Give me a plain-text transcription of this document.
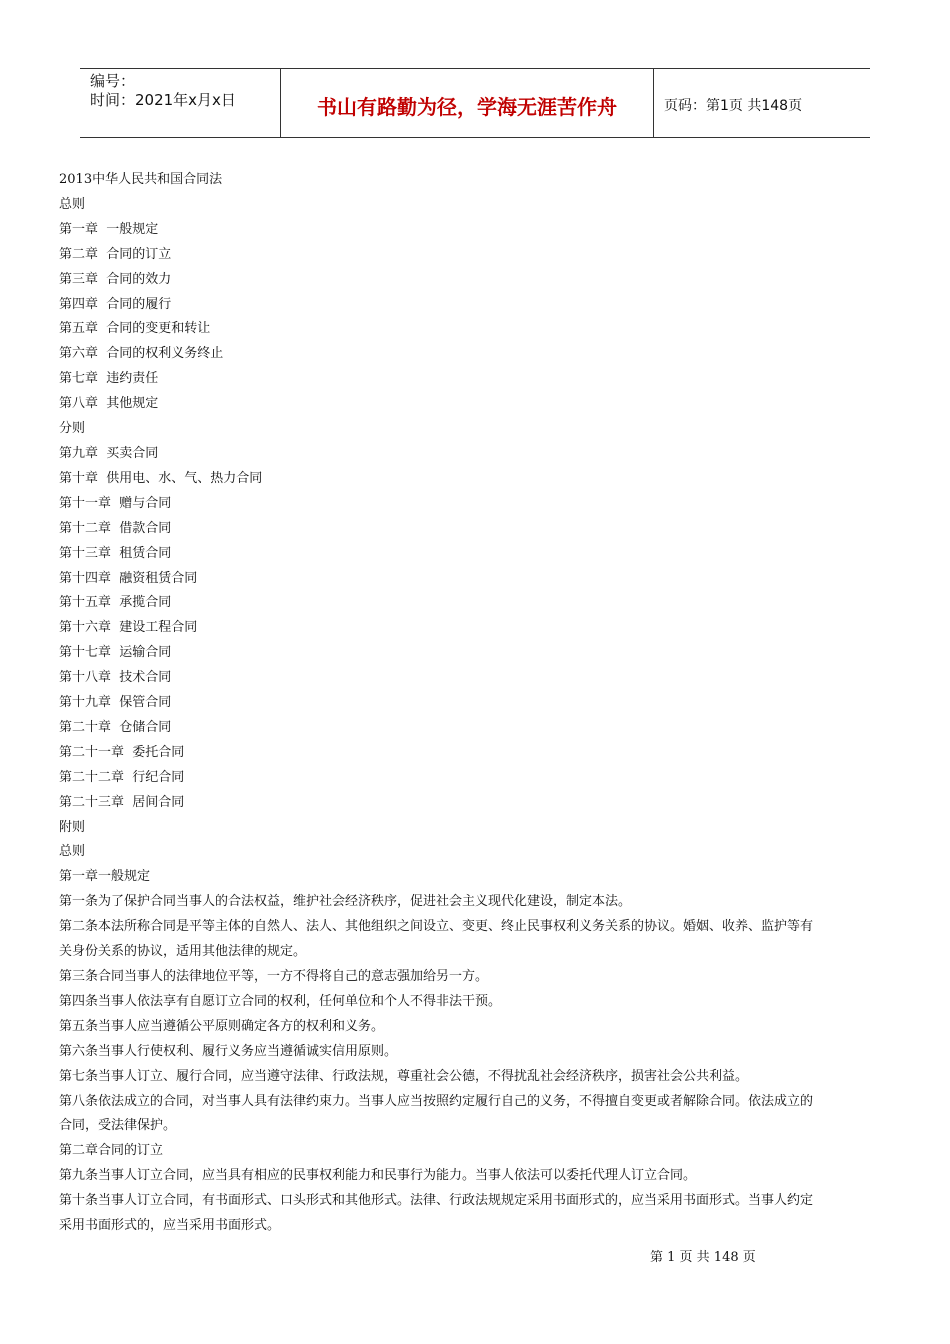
编号：
时间：2021年x月x日	书山有路勤为径，学海无涯苦作舟	页码：第1页 共148页
2013中华人民共和国合同法
总则
第一章  一般规定
第二章  合同的订立
第三章  合同的效力
第四章  合同的履行
第五章  合同的变更和转让
第六章  合同的权利义务终止
第七章  违约责任
第八章  其他规定
分则
第九章  买卖合同
第十章  供用电、水、气、热力合同
第十一章  赠与合同
第十二章  借款合同
第十三章  租赁合同
第十四章  融资租赁合同
第十五章  承揽合同
第十六章  建设工程合同
第十七章  运输合同
第十八章  技术合同
第十九章  保管合同
第二十章  仓储合同
第二十一章  委托合同
第二十二章  行纪合同
第二十三章  居间合同
附则
总则
第一章一般规定
第一条为了保护合同当事人的合法权益，维护社会经济秩序，促进社会主义现代化建设，制定本法。
第二条本法所称合同是平等主体的自然人、法人、其他组织之间设立、变更、终止民事权利义务关系的协议。婚姻、收养、监护等有
关身份关系的协议，适用其他法律的规定。
第三条合同当事人的法律地位平等，一方不得将自己的意志强加给另一方。
第四条当事人依法享有自愿订立合同的权利，任何单位和个人不得非法干预。
第五条当事人应当遵循公平原则确定各方的权利和义务。
第六条当事人行使权利、履行义务应当遵循诚实信用原则。
第七条当事人订立、履行合同，应当遵守法律、行政法规，尊重社会公德，不得扰乱社会经济秩序，损害社会公共利益。
第八条依法成立的合同，对当事人具有法律约束力。当事人应当按照约定履行自己的义务，不得擅自变更或者解除合同。依法成立的
合同，受法律保护。
第二章合同的订立
第九条当事人订立合同，应当具有相应的民事权利能力和民事行为能力。当事人依法可以委托代理人订立合同。
第十条当事人订立合同，有书面形式、口头形式和其他形式。法律、行政法规规定采用书面形式的，应当采用书面形式。当事人约定
采用书面形式的，应当采用书面形式。
第 1 页 共 148 页
